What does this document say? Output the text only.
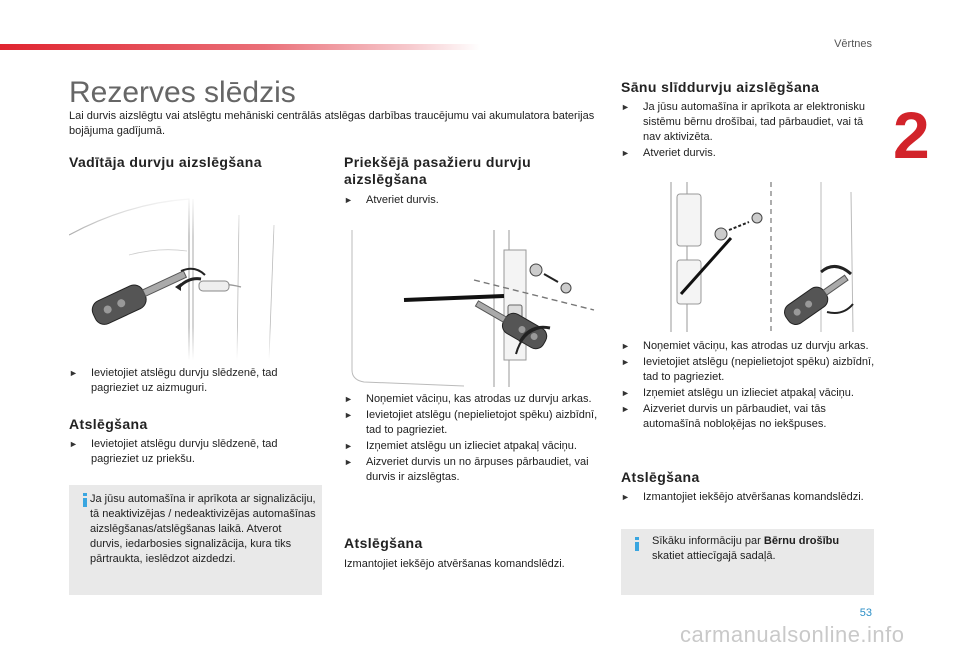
Vērtnes
2
Rezerves slēdzis
Lai durvis aizslēgtu vai atslēgtu mehāniski centrālās atslēgas darbības traucējumu vai akumulatora baterijas bojājuma gadījumā.
Vadītāja durvju aizslēgšana
► Ievietojiet atslēgu durvju slēdzenē, tad pagrieziet uz aizmuguri.
Atslēgšana
► Ievietojiet atslēgu durvju slēdzenē, tad pagrieziet uz priekšu.
Ja jūsu automašīna ir aprīkota ar signalizāciju, tā neaktivizējas / nedeaktivizējas automašīnas aizslēgšanas/atslēgšanas laikā. Atverot durvis, iedarbosies signalizācija, kura tiks pārtraukta, ieslēdzot aizdedzi.
Priekšējā pasažieru durvju aizslēgšana
► Atveriet durvis.
► Noņemiet vāciņu, kas atrodas uz durvju arkas.
► Ievietojiet atslēgu (nepielietojot spēku) aizbīdnī, tad to pagrieziet.
► Izņemiet atslēgu un izlieciet atpakaļ vāciņu.
► Aizveriet durvis un no ārpuses pārbaudiet, vai durvis ir aizslēgtas.
Atslēgšana
Izmantojiet iekšējo atvēršanas komandslēdzi.
Sānu slīddurvju aizslēgšana
► Ja jūsu automašīna ir aprīkota ar elektronisku sistēmu bērnu drošībai, tad pārbaudiet, vai tā nav aktivizēta.
► Atveriet durvis.
► Noņemiet vāciņu, kas atrodas uz durvju arkas.
► Ievietojiet atslēgu (nepielietojot spēku) aizbīdnī, tad to pagrieziet.
► Izņemiet atslēgu un izlieciet atpakaļ vāciņu.
► Aizveriet durvis un pārbaudiet, vai tās automašīnā nobloķējas no iekšpuses.
Atslēgšana
► Izmantojiet iekšējo atvēršanas komandslēdzi.
Sīkāku informāciju par Bērnu drošību skatiet attiecīgajā sadaļā.
53
carmanualsonline.info
